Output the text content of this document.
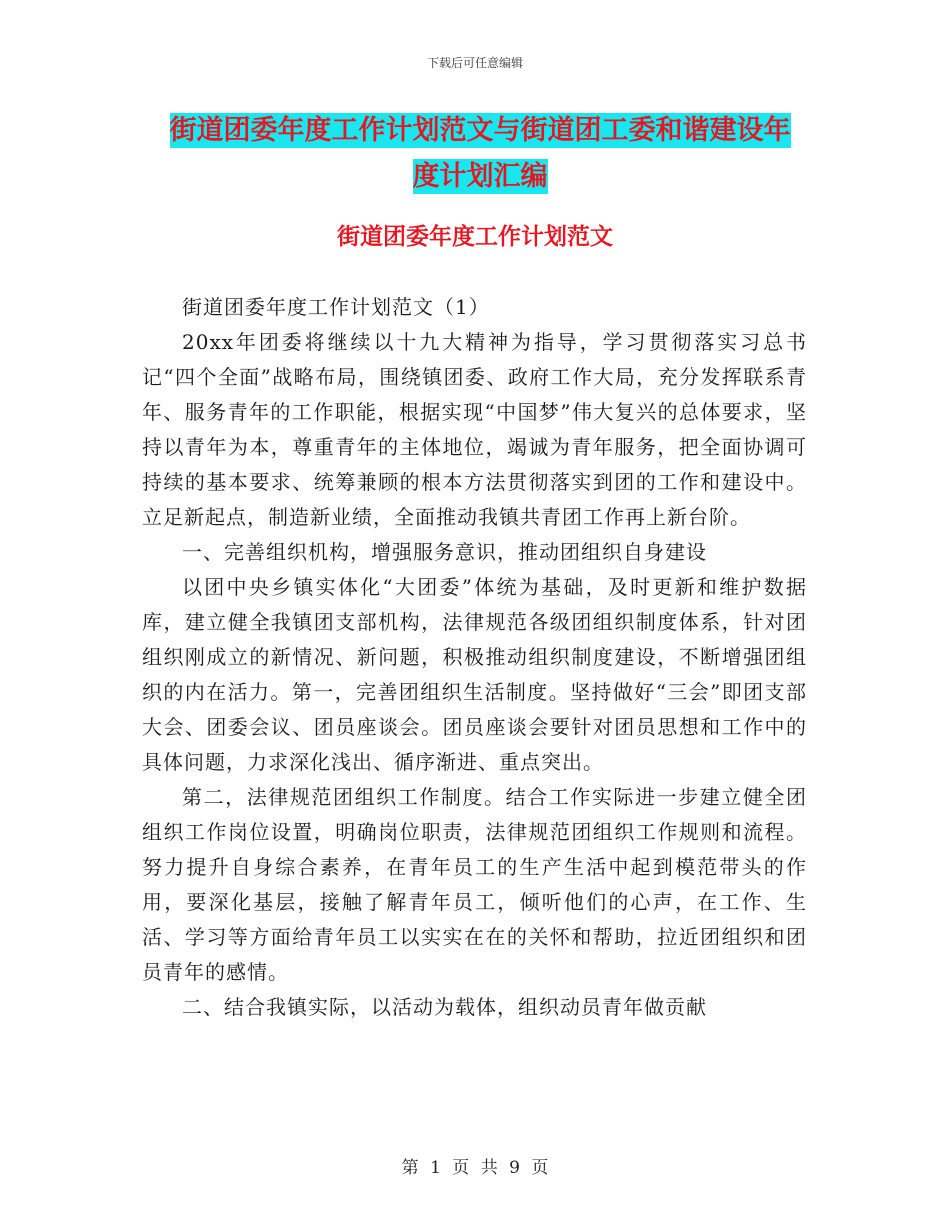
下载后可任意编辑
街道团委年度工作计划范文与街道团工委和谐建设年
度计划汇编
街道团委年度工作计划范文

街道团委年度工作计划范文（1）

20xx年团委将继续以十九大精神为指导，学习贯彻落实习总书记“四个全面”战略布局，围绕镇团委、政府工作大局，充分发挥联系青年、服务青年的工作职能，根据实现“中国梦”伟大复兴的总体要求，坚持以青年为本，尊重青年的主体地位，竭诚为青年服务，把全面协调可持续的基本要求、统筹兼顾的根本方法贯彻落实到团的工作和建设中。立足新起点，制造新业绩，全面推动我镇共青团工作再上新台阶。

一、完善组织机构，增强服务意识，推动团组织自身建设

以团中央乡镇实体化“大团委”体统为基础，及时更新和维护数据库，建立健全我镇团支部机构，法律规范各级团组织制度体系，针对团组织刚成立的新情况、新问题，积极推动组织制度建设，不断增强团组织的内在活力。第一，完善团组织生活制度。坚持做好“三会”即团支部大会、团委会议、团员座谈会。团员座谈会要针对团员思想和工作中的具体问题，力求深化浅出、循序渐进、重点突出。

第二，法律规范团组织工作制度。结合工作实际进一步建立健全团组织工作岗位设置，明确岗位职责，法律规范团组织工作规则和流程。努力提升自身综合素养，在青年员工的生产生活中起到模范带头的作用，要深化基层，接触了解青年员工，倾听他们的心声，在工作、生活、学习等方面给青年员工以实实在在的关怀和帮助，拉近团组织和团员青年的感情。

二、结合我镇实际，以活动为载体，组织动员青年做贡献

第 1 页 共 9 页
